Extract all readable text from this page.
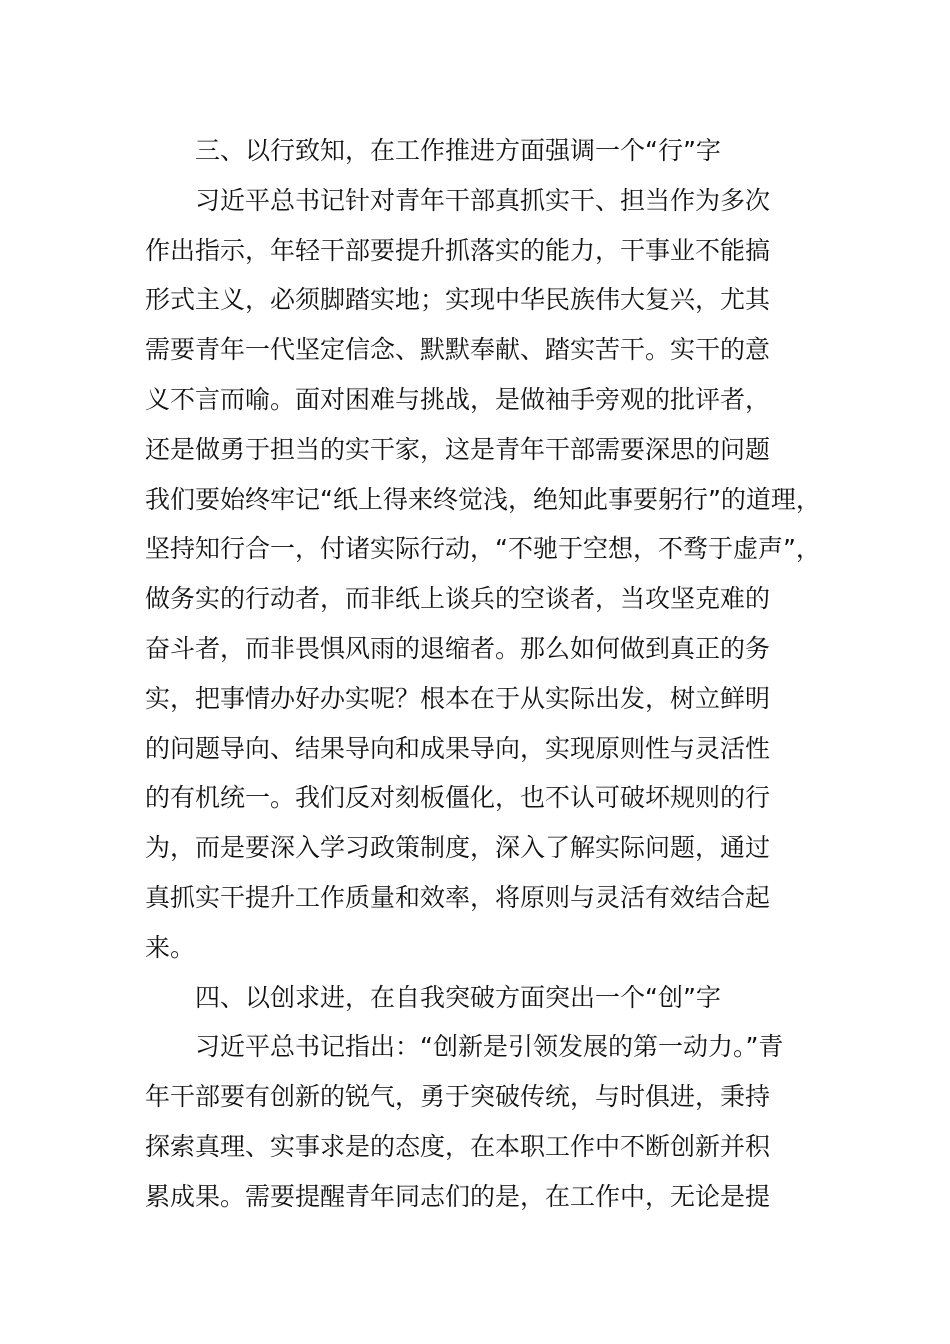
三、以行致知，在工作推进方面强调一个“行”字

习近平总书记针对青年干部真抓实干、担当作为多次
作出指示，年轻干部要提升抓落实的能力，干事业不能搞
形式主义，必须脚踏实地；实现中华民族伟大复兴，尤其
需要青年一代坚定信念、默默奉献、踏实苦干。实干的意
义不言而喻。面对困难与挑战，是做袖手旁观的批评者，
还是做勇于担当的实干家，这是青年干部需要深思的问题
我们要始终牢记“纸上得来终觉浅，绝知此事要躬行”的道理，
坚持知行合一，付诸实际行动，“不驰于空想，不骛于虚声”，
做务实的行动者，而非纸上谈兵的空谈者，当攻坚克难的
奋斗者，而非畏惧风雨的退缩者。那么如何做到真正的务
实，把事情办好办实呢？根本在于从实际出发，树立鲜明
的问题导向、结果导向和成果导向，实现原则性与灵活性
的有机统一。我们反对刻板僵化，也不认可破坏规则的行
为，而是要深入学习政策制度，深入了解实际问题，通过
真抓实干提升工作质量和效率，将原则与灵活有效结合起
来。

四、以创求进，在自我突破方面突出一个“创”字

习近平总书记指出：“创新是引领发展的第一动力。”青
年干部要有创新的锐气，勇于突破传统，与时俱进，秉持
探索真理、实事求是的态度，在本职工作中不断创新并积
累成果。需要提醒青年同志们的是，在工作中，无论是提
